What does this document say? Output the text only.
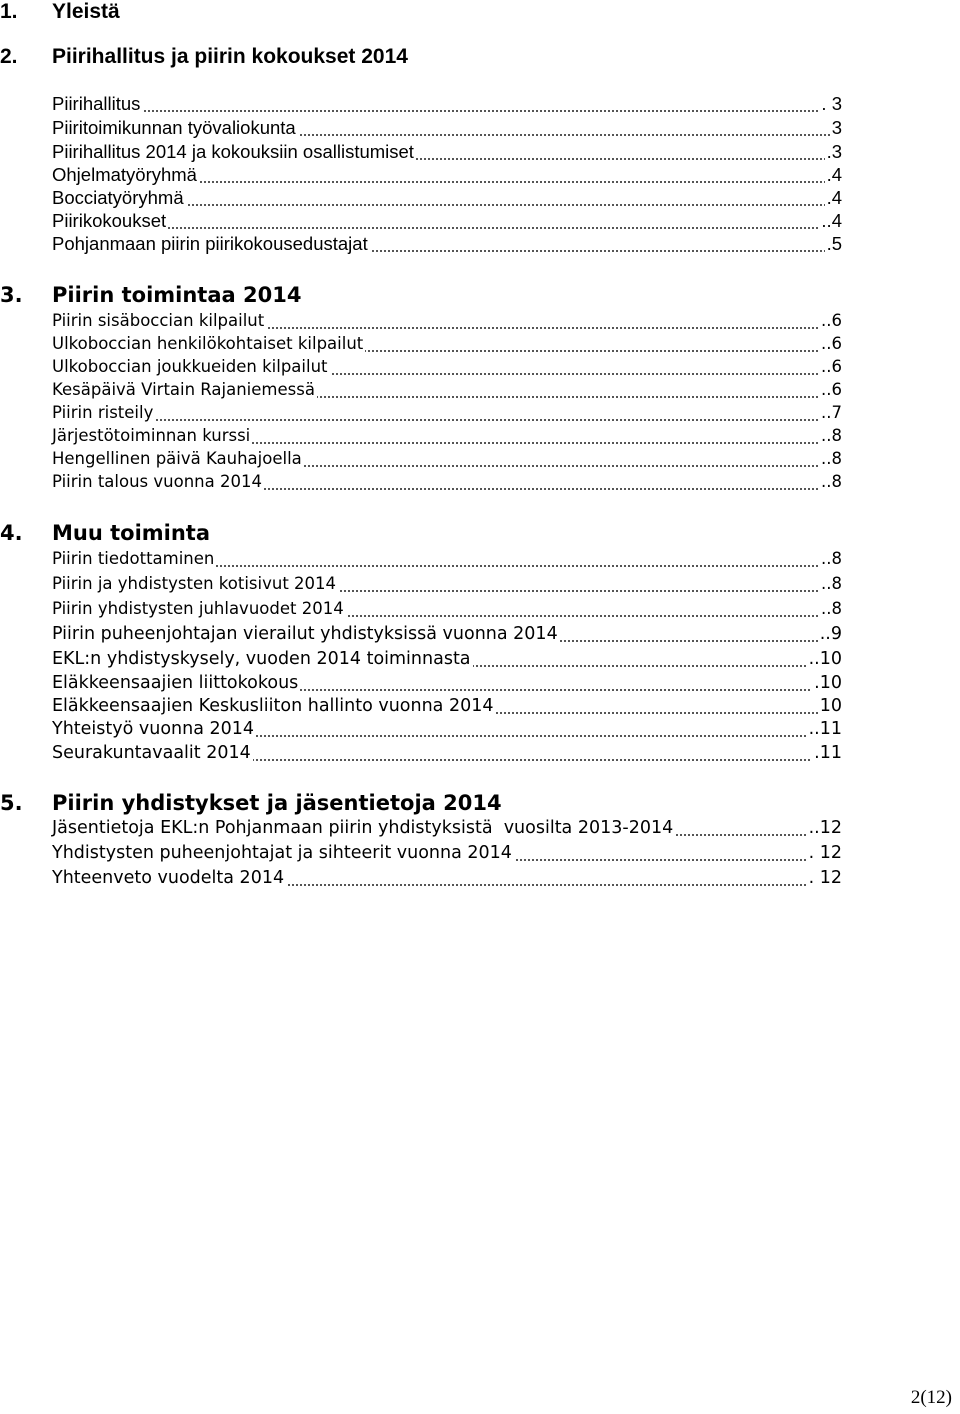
1. Yleistä
2. Piirihallitus ja piirin kokoukset 2014
Piirihallitus	. 3
Piiritoimikunnan työvaliokunta	3
Piirihallitus 2014 ja kokouksiin osallistumiset	.3
Ohjelmatyöryhmä	.4
Bocciatyöryhmä	.4
Piirikokoukset	..4
Pohjanmaan piirin piirikokousedustajat	.5
3. Piirin toimintaa 2014
Piirin sisäboccian kilpailut	..6
Ulkoboccian henkilökohtaiset kilpailut	..6
Ulkoboccian joukkueiden kilpailut	..6
Kesäpäivä Virtain Rajaniemessä	..6
Piirin risteily	..7
Järjestötoiminnan kurssi	..8
Hengellinen päivä Kauhajoella	..8
Piirin talous vuonna 2014	..8
4. Muu toiminta
Piirin tiedottaminen	..8
Piirin ja yhdistysten kotisivut 2014	..8
Piirin yhdistysten juhlavuodet 2014	..8
Piirin puheenjohtajan vierailut yhdistyksissä vuonna 2014	..9
EKL:n yhdistyskysely, vuoden 2014 toiminnasta	..10
Eläkkeensaajien liittokokous	.10
Eläkkeensaajien Keskusliiton hallinto vuonna 2014	10
Yhteistyö vuonna 2014	..11
Seurakuntavaalit 2014	.11
5. Piirin yhdistykset ja jäsentietoja 2014
Jäsentietoja EKL:n Pohjanmaan piirin yhdistyksistä  vuosilta 2013-2014	..12
Yhdistysten puheenjohtajat ja sihteerit vuonna 2014	. 12
Yhteenveto vuodelta 2014	. 12
2(12)
